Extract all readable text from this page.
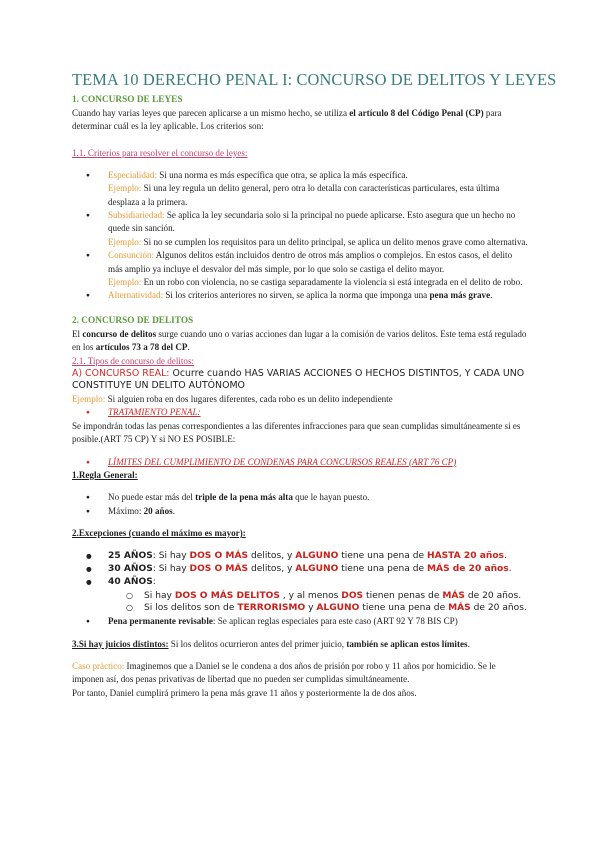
TEMA 10 DERECHO PENAL I: CONCURSO DE DELITOS Y LEYES
1. CONCURSO DE LEYES

Cuando hay varias leyes que parecen aplicarse a un mismo hecho, se utiliza el artículo 8 del Código Penal (CP) para determinar cuál es la ley aplicable. Los criterios son:

1.1. Criterios para resolver el concurso de leyes:

● Especialidad: Si una norma es más específica que otra, se aplica la más específica.
Ejemplo: Si una ley regula un delito general, pero otra lo detalla con características particulares, esta última desplaza a la primera.
● Subsidiariedad: Se aplica la ley secundaria solo si la principal no puede aplicarse. Esto asegura que un hecho no quede sin sanción.
Ejemplo: Si no se cumplen los requisitos para un delito principal, se aplica un delito menos grave como alternativa.
● Consunción: Algunos delitos están incluidos dentro de otros más amplios o complejos. En estos casos, el delito más amplio ya incluye el desvalor del más simple, por lo que solo se castiga el delito mayor.
Ejemplo: En un robo con violencia, no se castiga separadamente la violencia si está integrada en el delito de robo.
● Alternatividad: Si los criterios anteriores no sirven, se aplica la norma que imponga una pena más grave.
2. CONCURSO DE DELITOS

El concurso de delitos surge cuando uno o varias acciones dan lugar a la comisión de varios delitos. Este tema está regulado en los artículos 73 a 78 del CP.

2.1. Tipos de concurso de delitos:

A) CONCURSO REAL: Ocurre cuando HAS VARIAS ACCIONES O HECHOS DISTINTOS, Y CADA UNO CONSTITUYE UN DELITO AUTÓNOMO

Ejemplo: Si alguien roba en dos lugares diferentes, cada robo es un delito independiente

● TRATAMIENTO PENAL:

Se impondrán todas las penas correspondientes a las diferentes infracciones para que sean cumplidas simultáneamente si es posible.(ART 75 CP) Y si NO ES POSIBLE:

● LÍMITES DEL CUMPLIMIENTO DE CONDENAS PARA CONCURSOS REALES (ART 76 CP)

1.Regla General:

● No puede estar más del triple de la pena más alta que le hayan puesto.
● Máximo: 20 años.

2.Excepciones (cuando el máximo es mayor):

● 25 AÑOS: Si hay DOS O MÁS delitos, y ALGUNO tiene una pena de HASTA 20 años.
● 30 AÑOS: Si hay DOS O MÁS delitos, y ALGUNO tiene una pena de MÁS de 20 años.
● 40 AÑOS:
○ Si hay DOS O MÁS DELITOS , y al menos DOS tienen penas de MÁS de 20 años.
○ Si los delitos son de TERRORISMO y ALGUNO tiene una pena de MÁS de 20 años.
● Pena permanente revisable: Se aplican reglas especiales para este caso (ART 92 Y 78 BIS CP)

3.Si hay juicios distintos: Si los delitos ocurrieron antes del primer juicio, también se aplican estos límites.

Caso práctico: Imaginemos que a Daniel se le condena a dos años de prisión por robo y 11 años por homicidio. Se le imponen así, dos penas privativas de libertad que no pueden ser cumplidas simultáneamente.
Por tanto, Daniel cumplirá primero la pena más grave 11 años y posteriormente la de dos años.
